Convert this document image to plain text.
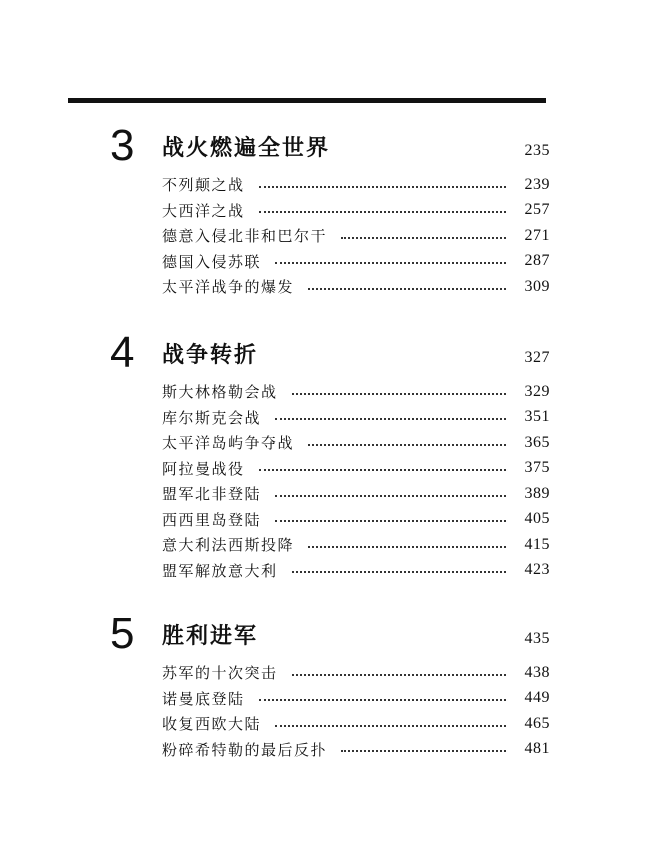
3 战火燃遍全世界	235
不列颠之战	239
大西洋之战	257
德意入侵北非和巴尔干	271
德国入侵苏联	287
太平洋战争的爆发	309
4 战争转折	327
斯大林格勒会战	329
库尔斯克会战	351
太平洋岛屿争夺战	365
阿拉曼战役	375
盟军北非登陆	389
西西里岛登陆	405
意大利法西斯投降	415
盟军解放意大利	423
5 胜利进军	435
苏军的十次突击	438
诺曼底登陆	449
收复西欧大陆	465
粉碎希特勒的最后反扑	481
